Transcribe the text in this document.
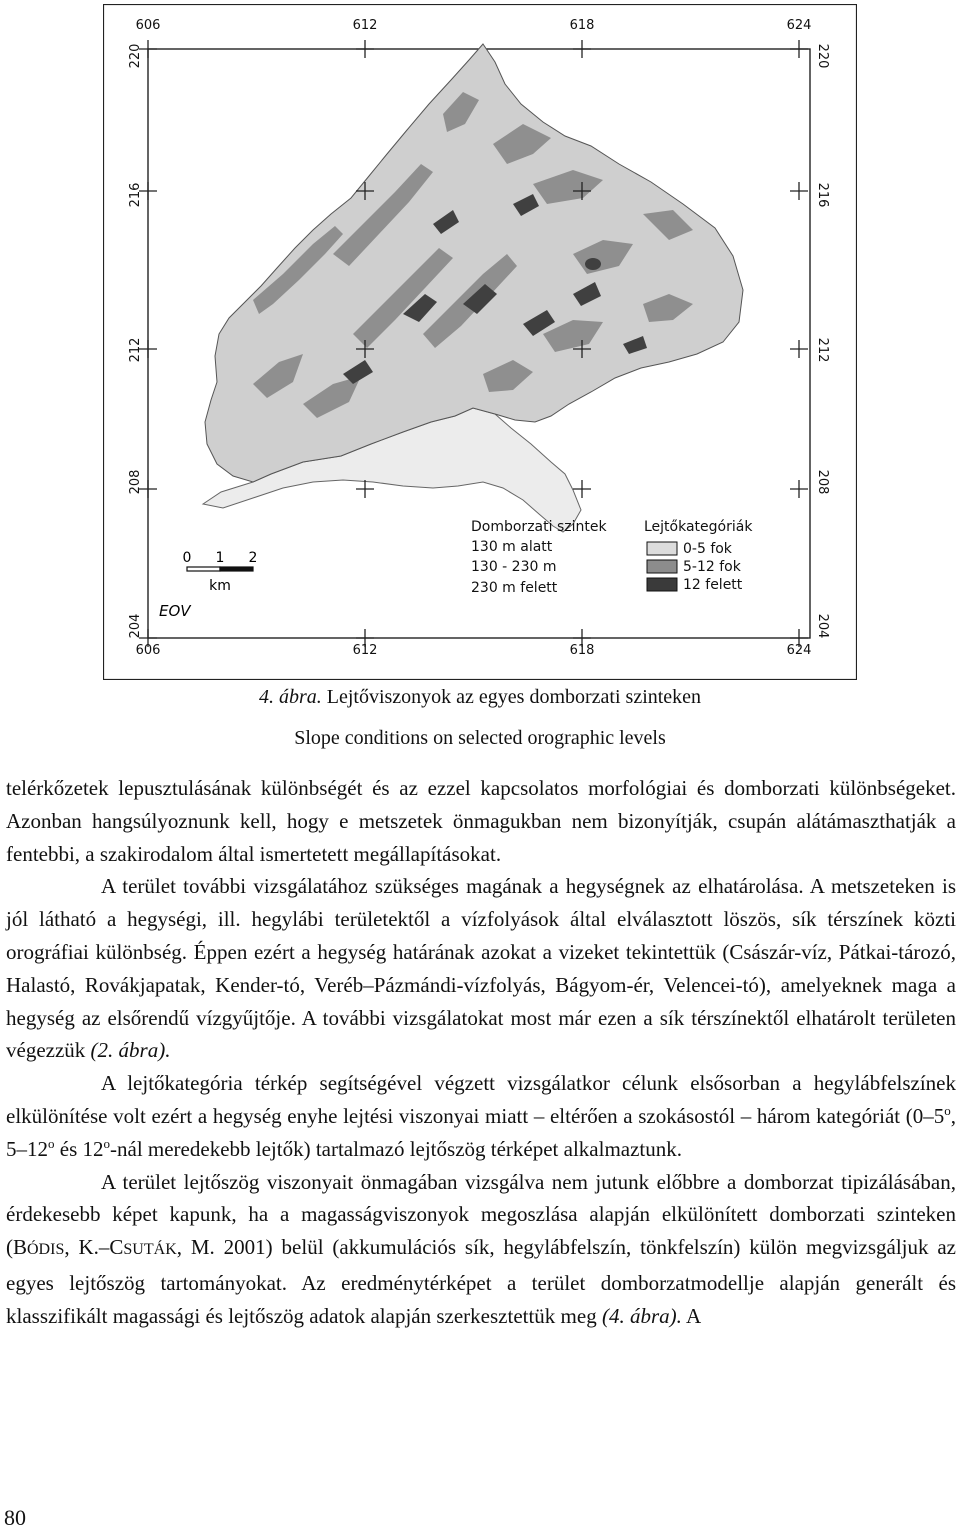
606	612	618	624
606	612	618	624
220
216
212
208
204
220
216
212
208
204
0 1 2
km
EOV
Domborzati szintek
130 m alatt
130 - 230 m
230 m felett
Lejtőkategóriák
0-5 fok
5-12 fok
12 felett
4. ábra. Lejtőviszonyok az egyes domborzati szinteken
Slope conditions on selected orographic levels

telérkőzetek lepusztulásának különbségét és az ezzel kapcsolatos morfológiai és domborzati különbségeket. Azonban hangsúlyoznunk kell, hogy e metszetek önmagukban nem bizonyítják, csupán alátámaszthatják a fentebbi, a szakirodalom által ismertetett megállapításokat.

A terület további vizsgálatához szükséges magának a hegységnek az elhatárolása. A metszeteken is jól látható a hegységi, ill. hegylábi területektől a vízfolyások által elválasztott löszös, sík térszínek közti orográfiai különbség. Éppen ezért a hegység határának azokat a vizeket tekintettük (Császár-víz, Pátkai-tározó, Halastó, Rovákjapatak, Kender-tó, Veréb–Pázmándi-vízfolyás, Bágyom-ér, Velencei-tó), amelyeknek maga a hegység az elsőrendű vízgyűjtője. A további vizsgálatokat most már ezen a sík térszínektől elhatárolt területen végezzük (2. ábra).

A lejtőkategória térkép segítségével végzett vizsgálatkor célunk elsősorban a hegylábfelszínek elkülönítése volt ezért a hegység enyhe lejtési viszonyai miatt – eltérően a szokásostól – három kategóriát (0–5$^o$, 5–12$^o$ és 12$^o$-nál meredekebb lejtők) tartalmazó lejtőszög térképet alkalmaztunk.

A terület lejtőszög viszonyait önmagában vizsgálva nem jutunk előbbre a domborzat tipizálásában, érdekesebb képet kapunk, ha a magasságviszonyok megoszlása alapján elkülönített domborzati szinteken (BÓDIS, K.–CSUTÁK, M. 2001) belül (akkumulációs sík, hegylábfelszín, tönkfelszín) külön megvizsgáljuk az egyes lejtőszög tartományokat. Az eredménytérképet a terület domborzatmodellje alapján generált és klasszifikált magassági és lejtőszög adatok alapján szerkesztettük meg (4. ábra). A

80
